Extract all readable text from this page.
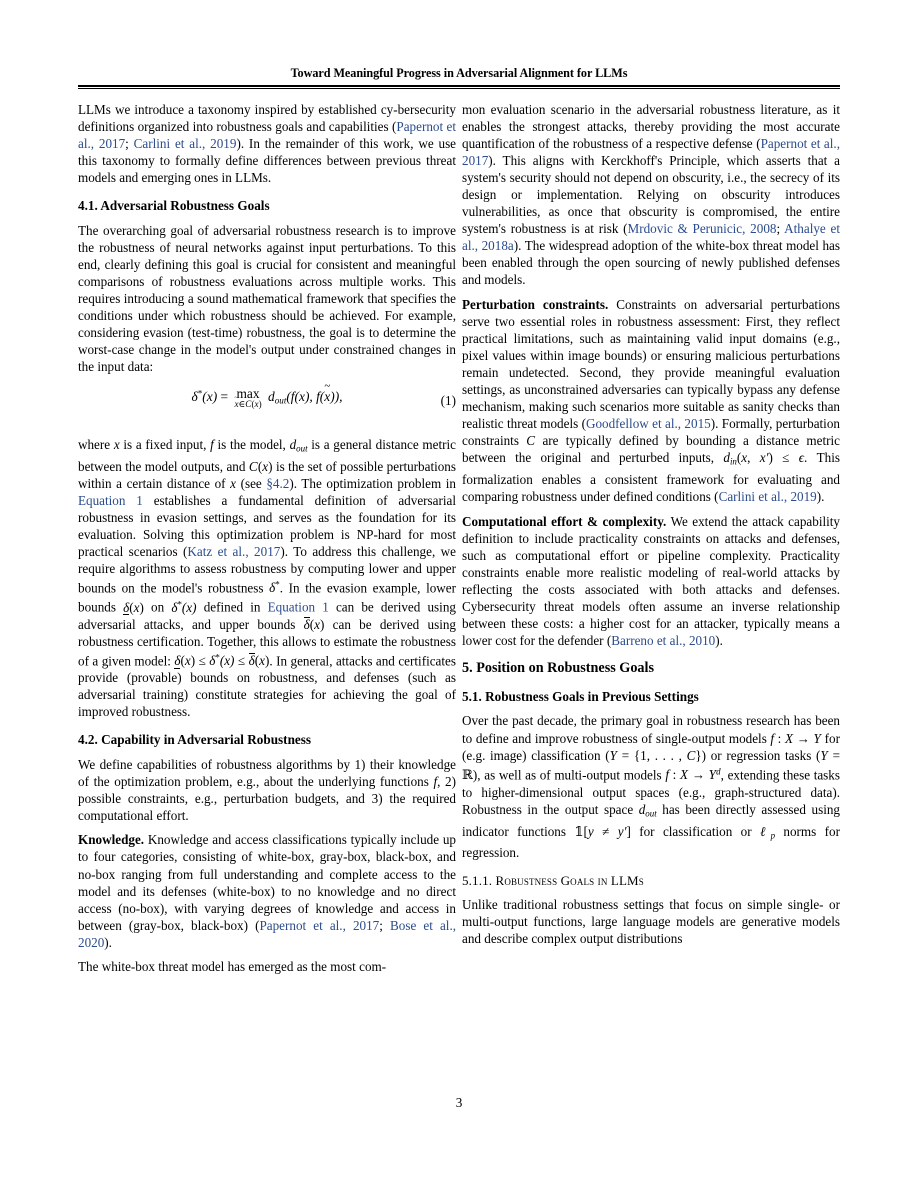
Toward Meaningful Progress in Adversarial Alignment for LLMs

LLMs we introduce a taxonomy inspired by established cy-bersecurity definitions organized into robustness goals and capabilities (Papernot et al., 2017; Carlini et al., 2019). In the remainder of this work, we use this taxonomy to formally define differences between previous threat models and emerging ones in LLMs.

4.1. Adversarial Robustness Goals

The overarching goal of adversarial robustness research is to improve the robustness of neural networks against input perturbations. To this end, clearly defining this goal is crucial for consistent and meaningful comparisons of robustness evaluations across multiple works. This requires introducing a sound mathematical framework that specifies the conditions under which robustness should be achieved. For example, considering evasion (test-time) robustness, the goal is to determine the worst-case change in the model's output under constrained changes in the input data:

δ*(x) = max
x ~∈C(x) $d_{out}(f(x)$, f(x ~)),	(1)

where x is a fixed input, f is the model, $d_{out}$ is a general distance metric between the model outputs, and C(x) is the set of possible perturbations within a certain distance of x (see §4.2). The optimization problem in Equation 1 establishes a fundamental definition of adversarial robustness in evasion settings, and serves as the foundation for its evaluation. Solving this optimization problem is NP-hard for most practical scenarios (Katz et al., 2017). To address this challenge, we require algorithms to assess robustness by computing lower and upper bounds on the model's robustness δ*. In the evasion example, lower bounds δ(x) on δ*(x) defined in Equation 1 can be derived using adversarial attacks, and upper bounds δ(x) can be derived using robustness certification. Together, this allows to estimate the robustness of a given model: δ(x) ≤ δ*(x) ≤ δ(x). In general, attacks and certificates provide (provable) bounds on robustness, and defenses (such as adversarial training) constitute strategies for achieving the goal of improved robustness.

4.2. Capability in Adversarial Robustness

We define capabilities of robustness algorithms by 1) their knowledge of the optimization problem, e.g., about the underlying functions f, 2) possible constraints, e.g., perturbation budgets, and 3) the required computational effort.

Knowledge. Knowledge and access classifications typically include up to four categories, consisting of white-box, gray-box, black-box, and no-box ranging from full understanding and complete access to the model and its defenses (white-box) to no knowledge and no direct access (no-box), with varying degrees of knowledge and access in between (gray-box, black-box) (Papernot et al., 2017; Bose et al., 2020).

The white-box threat model has emerged as the most com-

mon evaluation scenario in the adversarial robustness literature, as it enables the strongest attacks, thereby providing the most accurate quantification of the robustness of a respective defense (Papernot et al., 2017). This aligns with Kerckhoff's Principle, which asserts that a system's security should not depend on obscurity, i.e., the secrecy of its design or implementation. Relying on obscurity introduces vulnerabilities, as once that obscurity is compromised, the entire system's robustness is at risk (Mrdovic & Perunicic, 2008; Athalye et al., 2018a). The widespread adoption of the white-box threat model has been enabled through the open sourcing of newly published defenses and models.

Perturbation constraints. Constraints on adversarial perturbations serve two essential roles in robustness assessment: First, they reflect practical limitations, such as maintaining valid input domains (e.g., pixel values within image bounds) or ensuring malicious perturbations remain undetected. Second, they provide meaningful evaluation settings, as unconstrained adversaries can typically bypass any defense mechanism, making such scenarios more suitable as sanity checks than realistic threat models (Goodfellow et al., 2015). Formally, perturbation constraints C are typically defined by bounding a distance metric between the original and perturbed inputs, $d_{in}(x$, x′) ≤ ϵ. This formalization enables a consistent framework for evaluating and comparing robustness under defined conditions (Carlini et al., 2019).

Computational effort & complexity. We extend the attack capability definition to include practicality constraints on attacks and defenses, such as computational effort or pipeline complexity. Practicality constraints enable more realistic modeling of real-world attacks by reflecting the costs associated with both attacks and defenses. Cybersecurity threat models often assume an inverse relationship between these costs: a higher cost for an attacker, typically means a lower cost for the defender (Barreno et al., 2010).

5. Position on Robustness Goals
5.1. Robustness Goals in Previous Settings

Over the past decade, the primary goal in robustness research has been to define and improve robustness of single-output models f : X → Y for (e.g. image) classification (Y = {1, . . . , C}) or regression tasks (Y = ℝ), as well as of multi-output models f : $X \to Y^d$, extending these tasks to higher-dimensional output spaces (e.g., graph-structured data). Robustness in the output space $d_{out}$ has been directly assessed using indicator functions 𝟙[y ≠ y′] for classification or ℓ$_p$ norms for regression.

5.1.1. Robustness Goals in LLMs

Unlike traditional robustness settings that focus on simple single- or multi-output functions, large language models are generative models and describe complex output distributions

3
